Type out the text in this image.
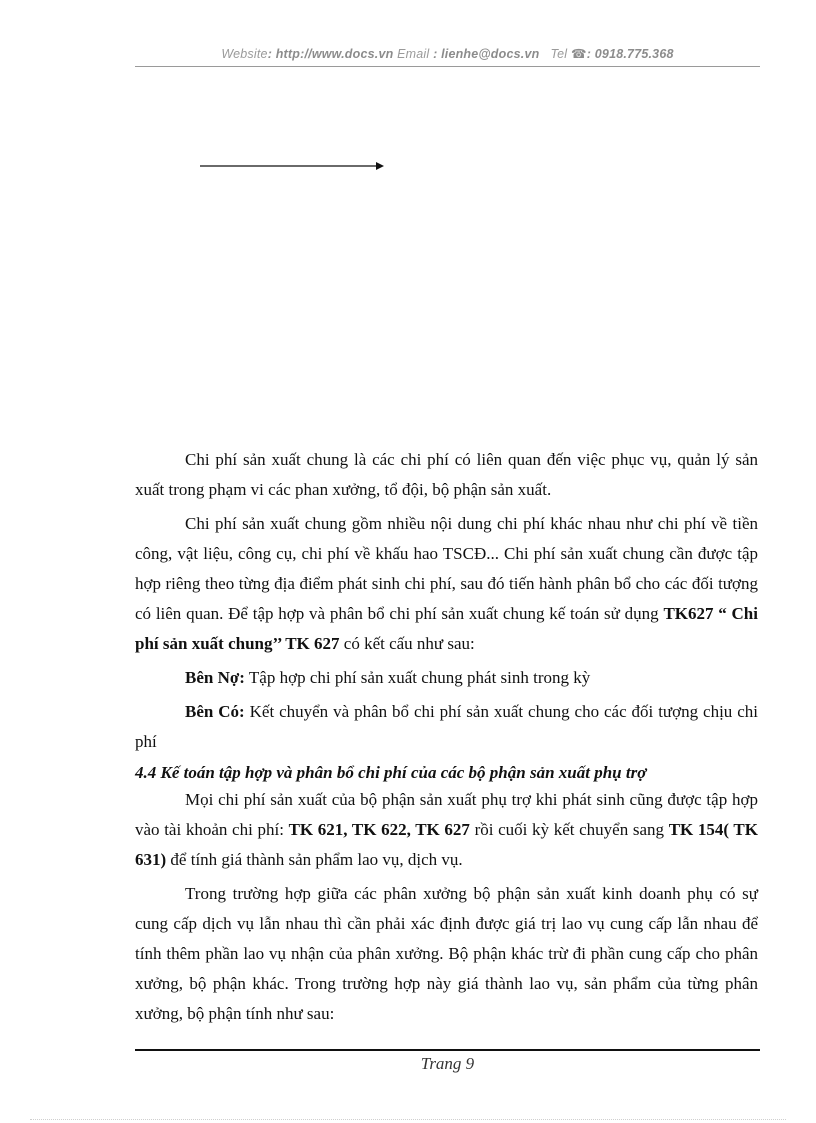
Website: http://www.docs.vn Email : lienhe@docs.vn   Tel ☎: 0918.775.368

Chi phí sản xuất chung là các chi phí có liên quan đến việc phục vụ, quản lý sản xuất trong phạm vi các phan xưởng, tổ đội, bộ phận sản xuất.

Chi phí sản xuất chung gồm nhiều nội dung chi phí khác nhau như chi phí về tiền công, vật liệu, công cụ, chi phí về khấu hao TSCĐ... Chi phí sản xuất chung cần được tập hợp riêng theo từng địa điểm phát sinh chi phí, sau đó tiến hành phân bổ cho các đối tượng có liên quan. Để tập hợp và phân bổ chi phí sản xuất chung kế toán sử dụng TK627 “ Chi phí sản xuất chung’’ TK 627 có kết cấu như sau:

Bên Nợ: Tập hợp chi phí sản xuất chung phát sinh trong kỳ

Bên Có: Kết chuyển và phân bổ chi phí sản xuất chung cho các đối tượng chịu chi phí

4.4 Kế toán tập hợp và phân bổ chi phí của các bộ phận sản xuất phụ trợ

Mọi chi phí sản xuất của bộ phận sản xuất phụ trợ khi phát sinh cũng được tập hợp vào tài khoản chi phí: TK 621, TK 622, TK 627 rồi cuối kỳ kết chuyển sang TK 154( TK 631) để tính giá thành sản phẩm lao vụ, dịch vụ.

Trong trường hợp giữa các phân xưởng bộ phận sản xuất kinh doanh phụ có sự cung cấp dịch vụ lẫn nhau thì cần phải xác định được giá trị lao vụ cung cấp lẫn nhau để tính thêm phần lao vụ nhận của phân xưởng. Bộ phận khác trừ đi phần cung cấp cho phân xưởng, bộ phận khác. Trong trường hợp này giá thành lao vụ, sản phẩm của từng phân xưởng, bộ phận tính như sau:

Trang 9
